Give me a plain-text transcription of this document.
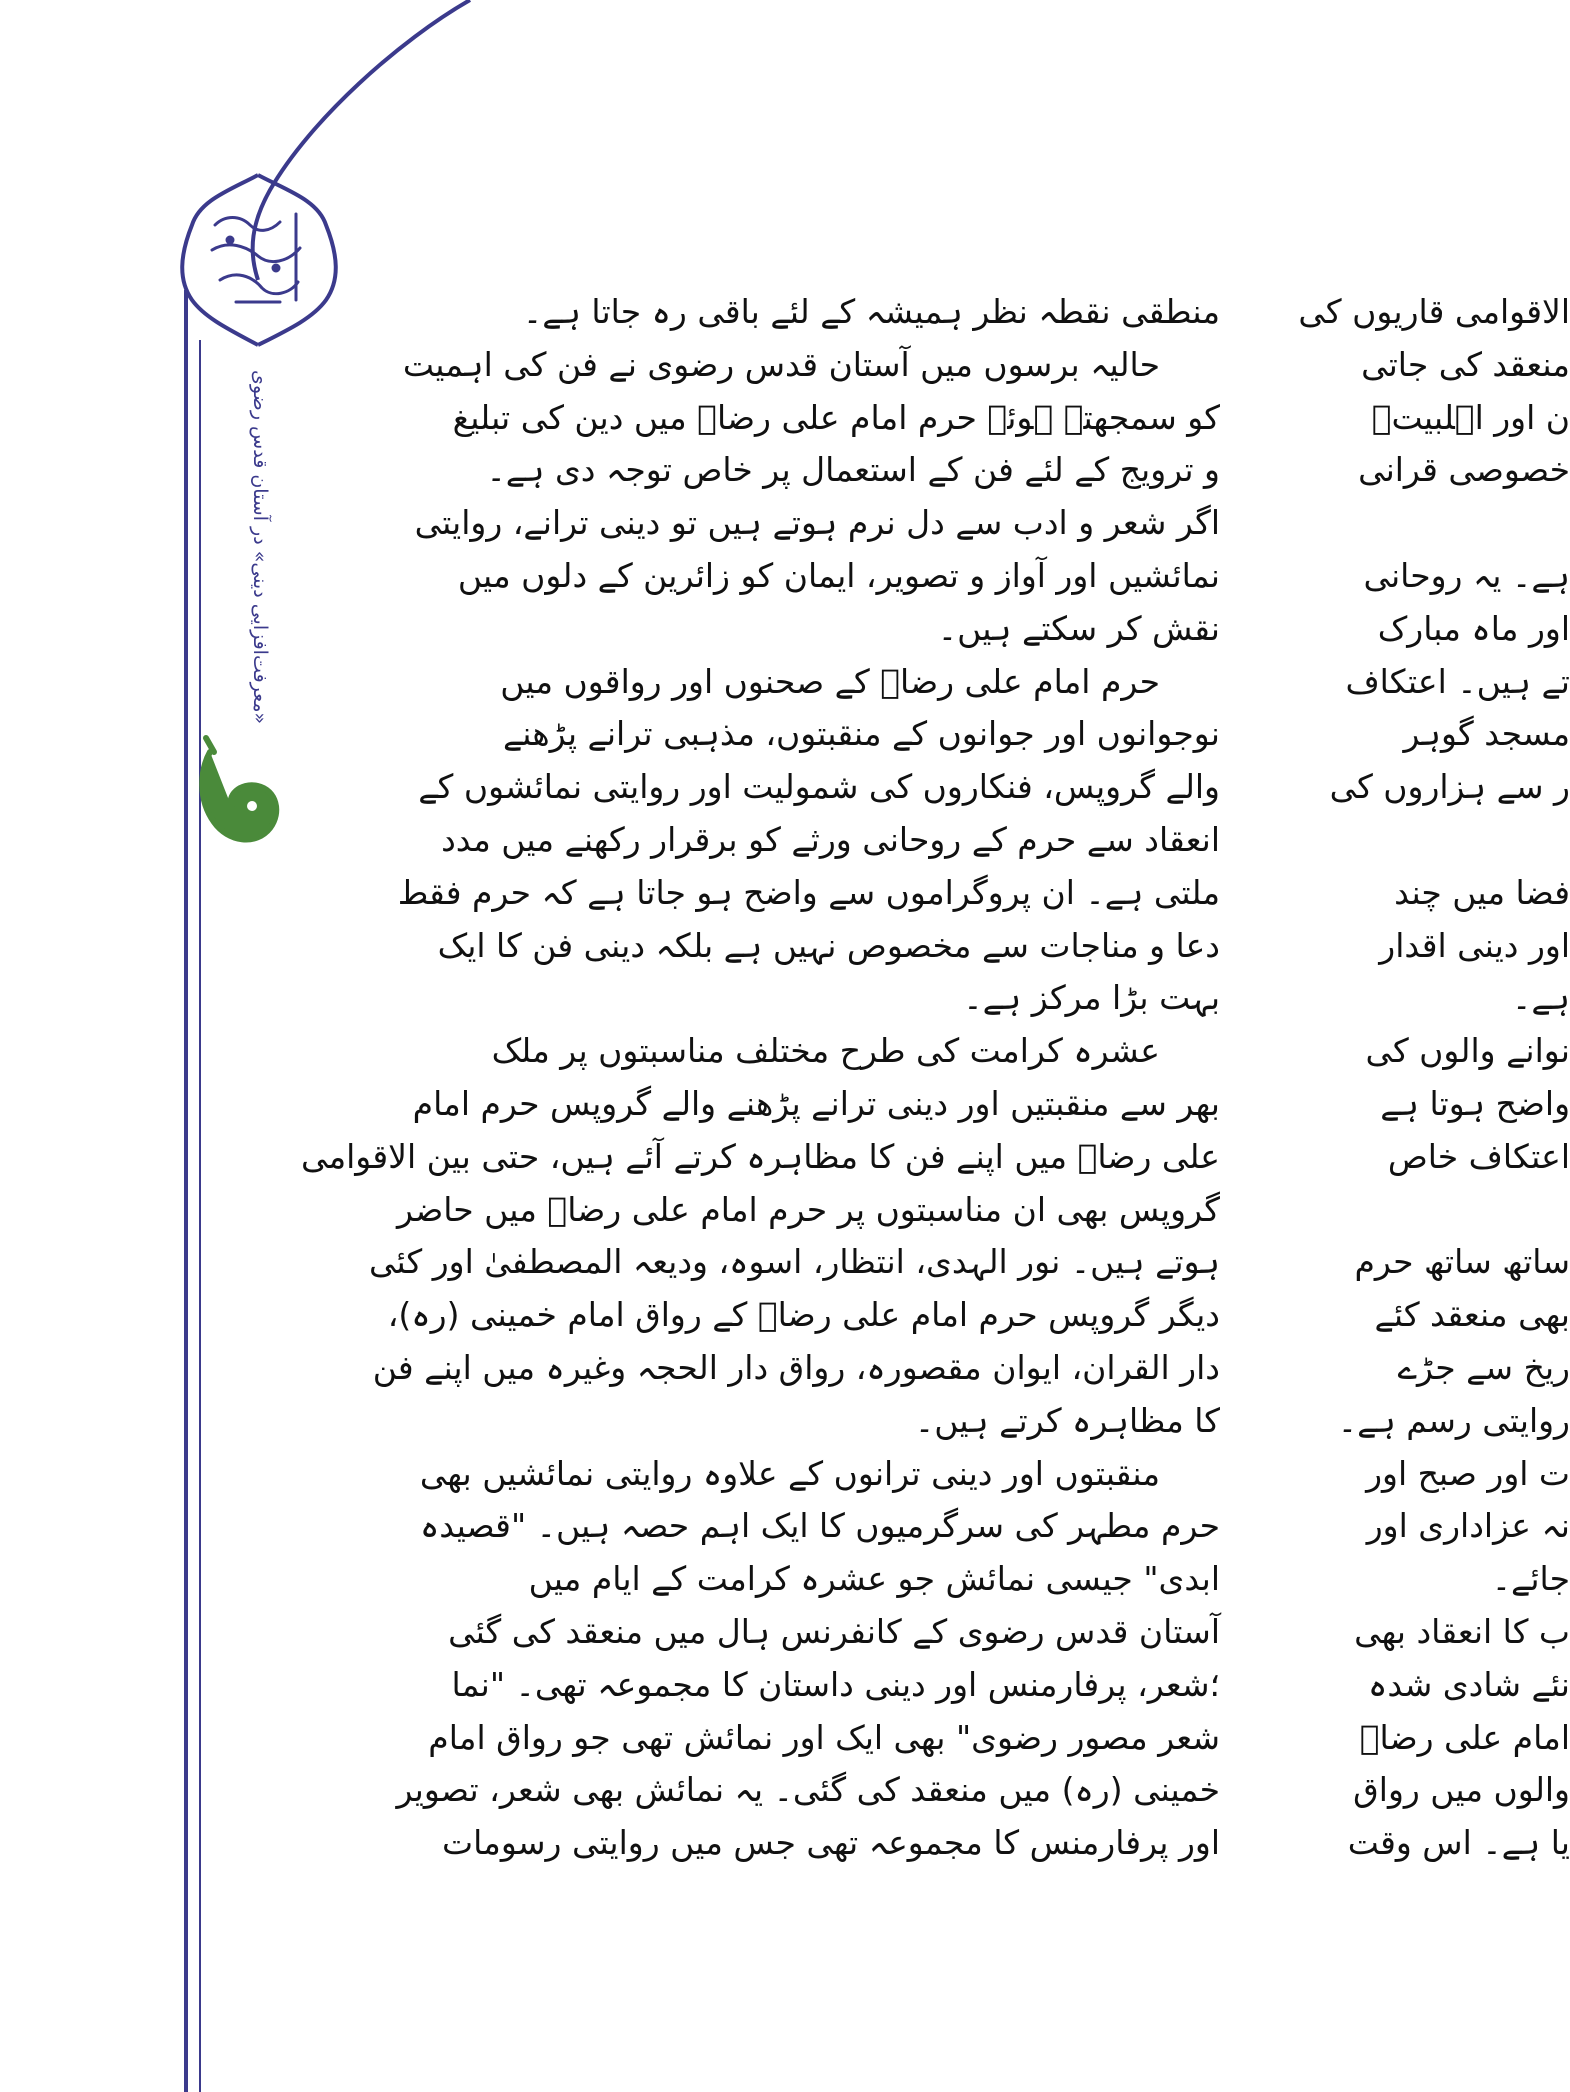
«معرفت‌افزایی دینی» در آستان قدس رضوی
منطقی نقطہ نظر ہمیشہ کے لئے باقی رہ جاتا ہے۔
حالیہ برسوں میں آستان قدس رضوی نے فن کی اہمیت
کو سمجھتے ہوئے حرم امام علی رضاؑ میں دین کی تبلیغ
و ترویج کے لئے فن کے استعمال پر خاص توجہ دی ہے۔
اگر شعر و ادب سے دل نرم ہوتے ہیں تو دینی ترانے، روایتی
نمائشیں اور آواز و تصویر، ایمان کو زائرین کے دلوں میں
نقش کر سکتے ہیں۔
حرم امام علی رضاؑ کے صحنوں اور رواقوں میں
نوجوانوں اور جوانوں کے منقبتوں، مذہبی ترانے پڑھنے
والے گروپس، فنکاروں کی شمولیت اور روایتی نمائشوں کے
انعقاد سے حرم کے روحانی ورثے کو برقرار رکھنے میں مدد
ملتی ہے۔ ان پروگراموں سے واضح ہو جاتا ہے کہ حرم فقط
دعا و مناجات سے مخصوص نہیں ہے بلکہ دینی فن کا ایک
بہت بڑا مرکز ہے۔
عشرہ کرامت کی طرح مختلف مناسبتوں پر ملک
بھر سے منقبتیں اور دینی ترانے پڑھنے والے گروپس حرم امام
علی رضاؑ میں اپنے فن کا مظاہرہ کرتے آئے ہیں، حتی بین الاقوامی
گروپس بھی ان مناسبتوں پر حرم امام علی رضاؑ میں حاضر
ہوتے ہیں۔ نور الہدی، انتظار، اسوہ، ودیعہ المصطفیٰ اور کئی
دیگر گروپس حرم امام علی رضاؑ کے رواق امام خمینی (رہ)،
دار القران، ایوان مقصورہ، رواق دار الحجہ وغیرہ میں اپنے فن
کا مظاہرہ کرتے ہیں۔
منقبتوں اور دینی ترانوں کے علاوہ روایتی نمائشیں بھی
حرم مطہر کی سرگرمیوں کا ایک اہم حصہ ہیں۔ "قصیدہ
ابدی" جیسی نمائش جو عشرہ کرامت کے ایام میں
آستان قدس رضوی کے کانفرنس ہال میں منعقد کی گئی
؛شعر، پرفارمنس اور دینی داستان کا مجموعہ تھی۔ "نما
شعر مصور رضوی" بھی ایک اور نمائش تھی جو رواق امام
خمینی (رہ) میں منعقد کی گئی۔ یہ نمائش بھی شعر، تصویر
اور پرفارمنس کا مجموعہ تھی جس میں روایتی رسومات
الاقوامی قاریوں کی
منعقد کی جاتی
ن اور اہلبیتؑ
خصوصی قرانی
ہے۔ یہ روحانی
اور ماہ مبارک
تے ہیں۔ اعتکاف
مسجد گوہر
ر سے ہزاروں کی
فضا میں چند
اور دینی اقدار
ہے۔
نوانے والوں کی
واضح ہوتا ہے
اعتکاف خاص
ساتھ ساتھ حرم
بھی منعقد کئے
ریخ سے جڑے
روایتی رسم ہے۔
ت اور صبح اور
نہ عزاداری اور
جائے۔
ب کا انعقاد بھی
نئے شادی شدہ
امام علی رضاؑ
والوں میں رواق
یا ہے۔ اس وقت
